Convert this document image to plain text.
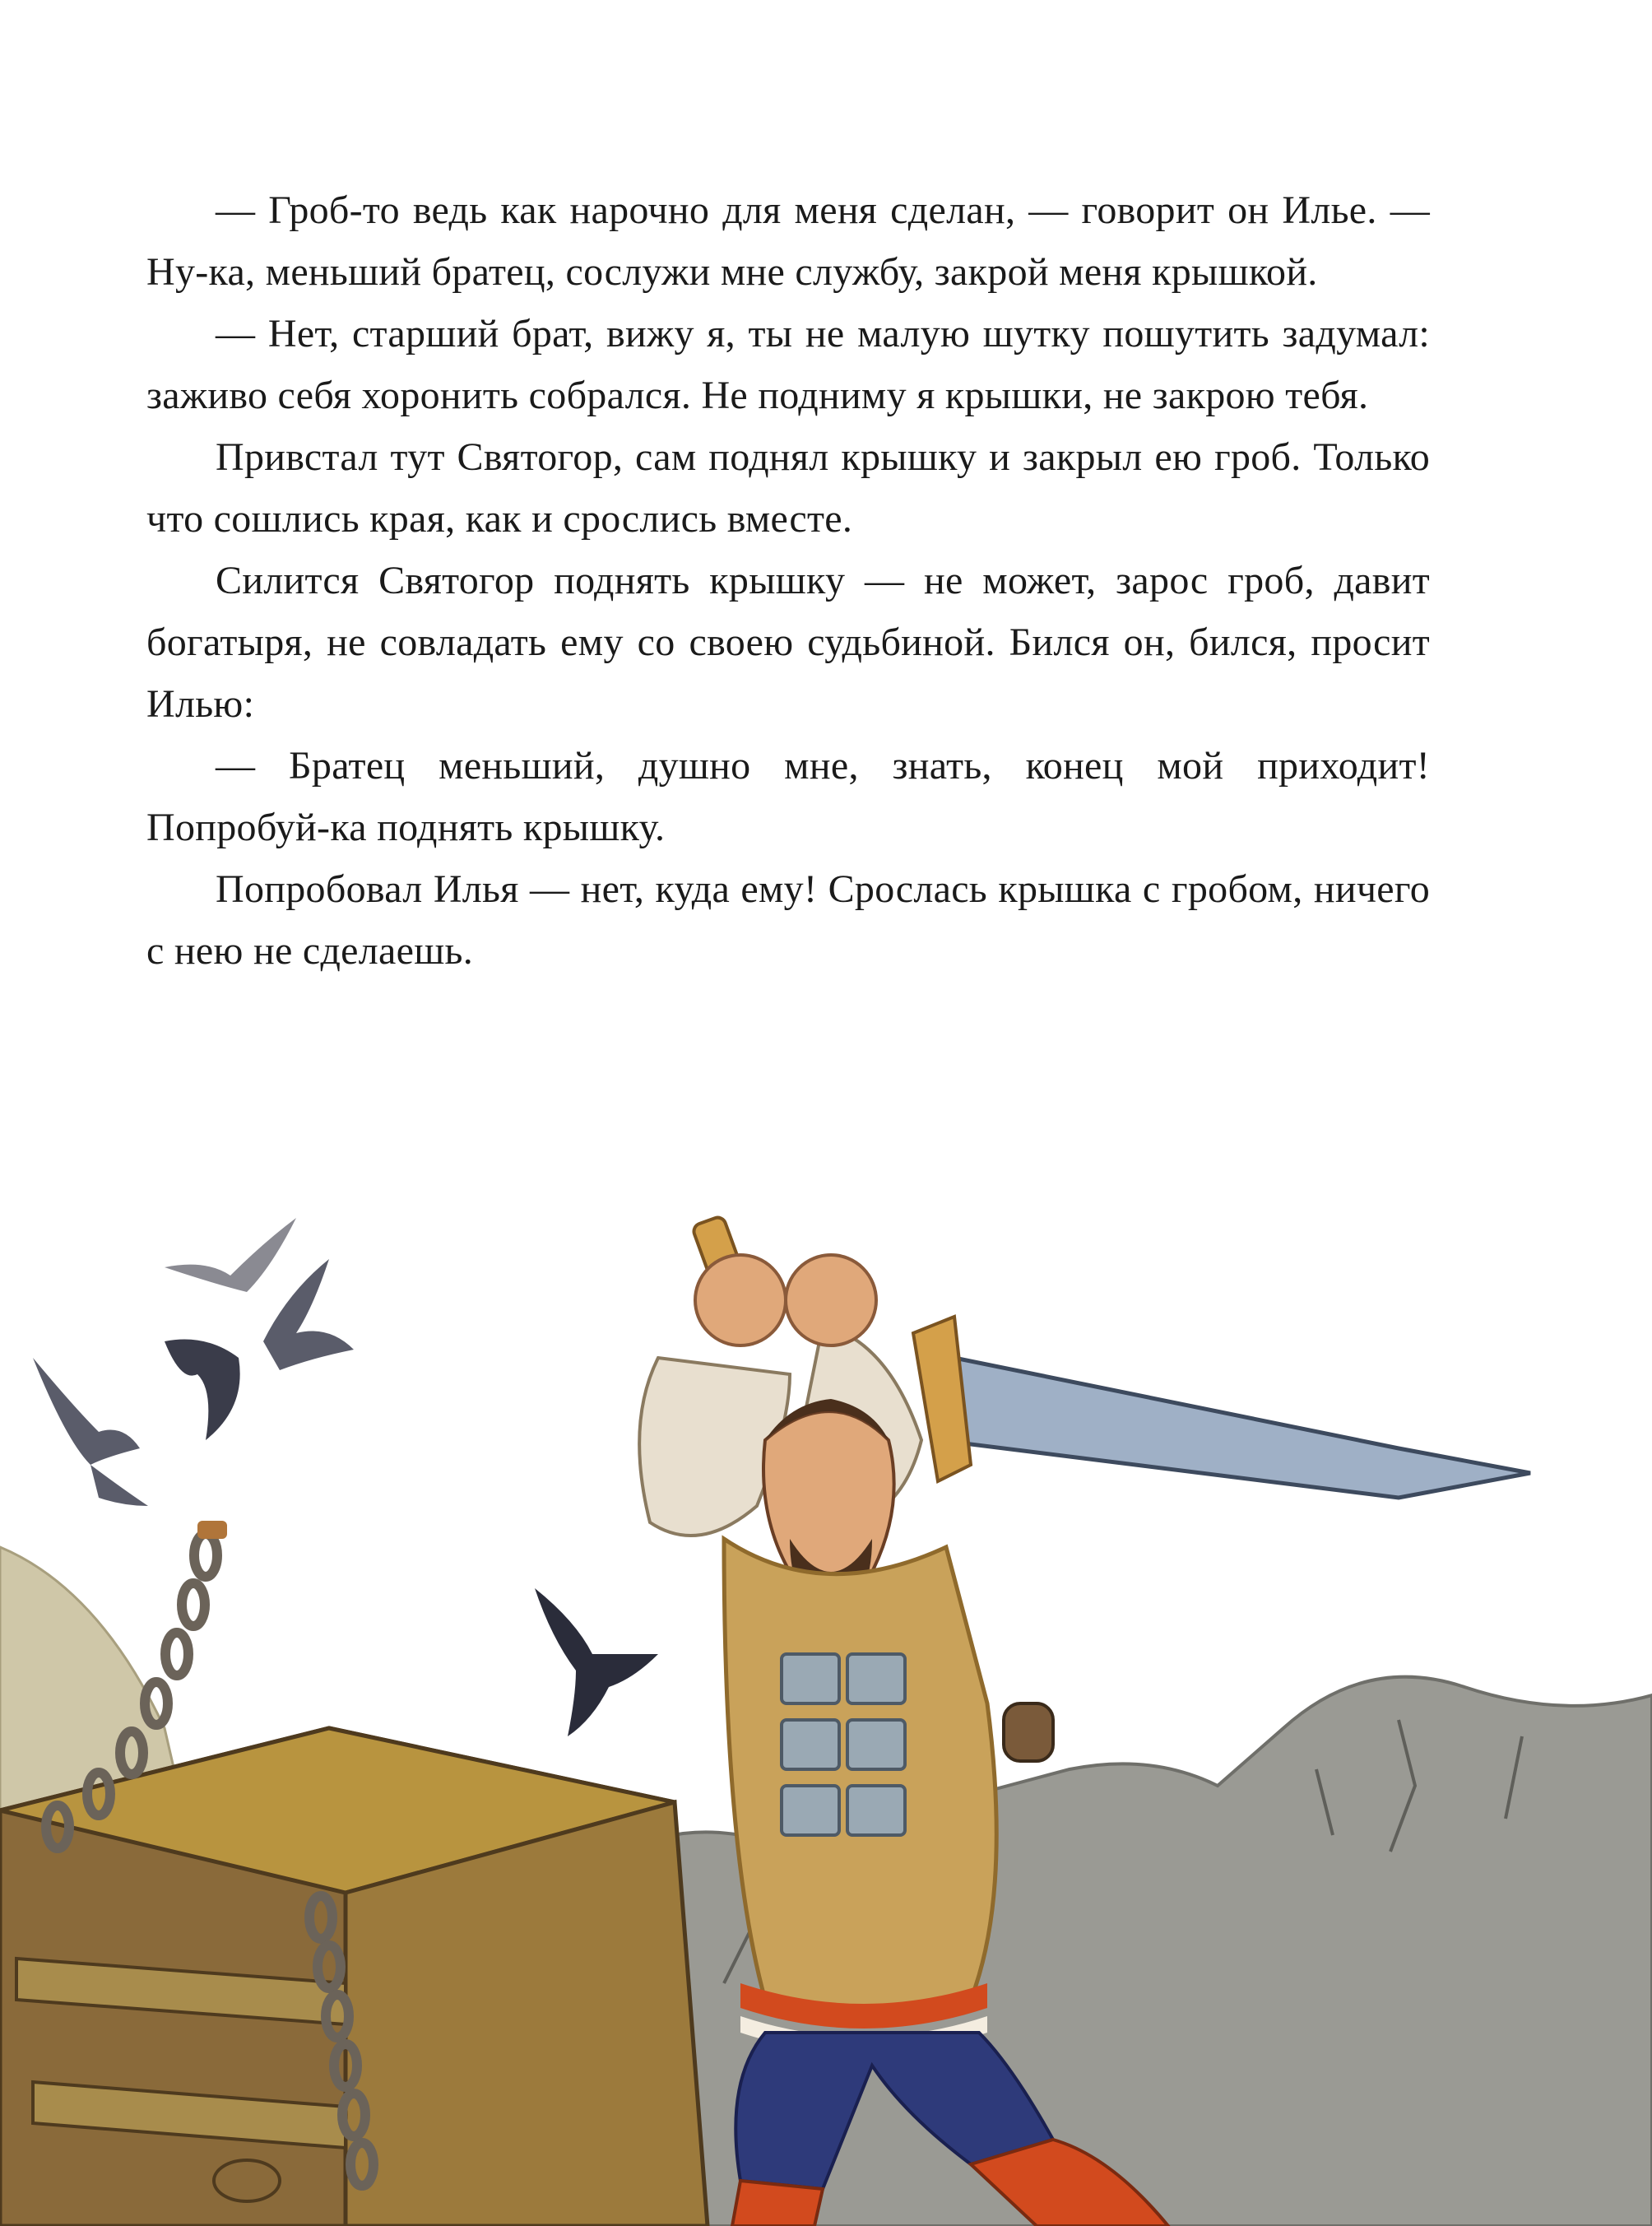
— Гроб-то ведь как нарочно для меня сделан, — говорит он Илье. — Ну-ка, меньший братец, сослужи мне службу, закрой меня крышкой.

— Нет, старший брат, вижу я, ты не малую шутку пошутить задумал: заживо себя хоронить собрался. Не подниму я крышки, не закрою тебя.

Привстал тут Святогор, сам поднял крышку и закрыл ею гроб. Только что сошлись края, как и срослись вместе.

Силится Святогор поднять крышку — не может, зарос гроб, давит богатыря, не совладать ему со своею судьбиной. Бился он, бился, просит Илью:

— Братец меньший, душно мне, знать, конец мой приходит! Попробуй-ка поднять крышку.

Попробовал Илья — нет, куда ему! Срослась крышка с гробом, ничего с нею не сделаешь.
